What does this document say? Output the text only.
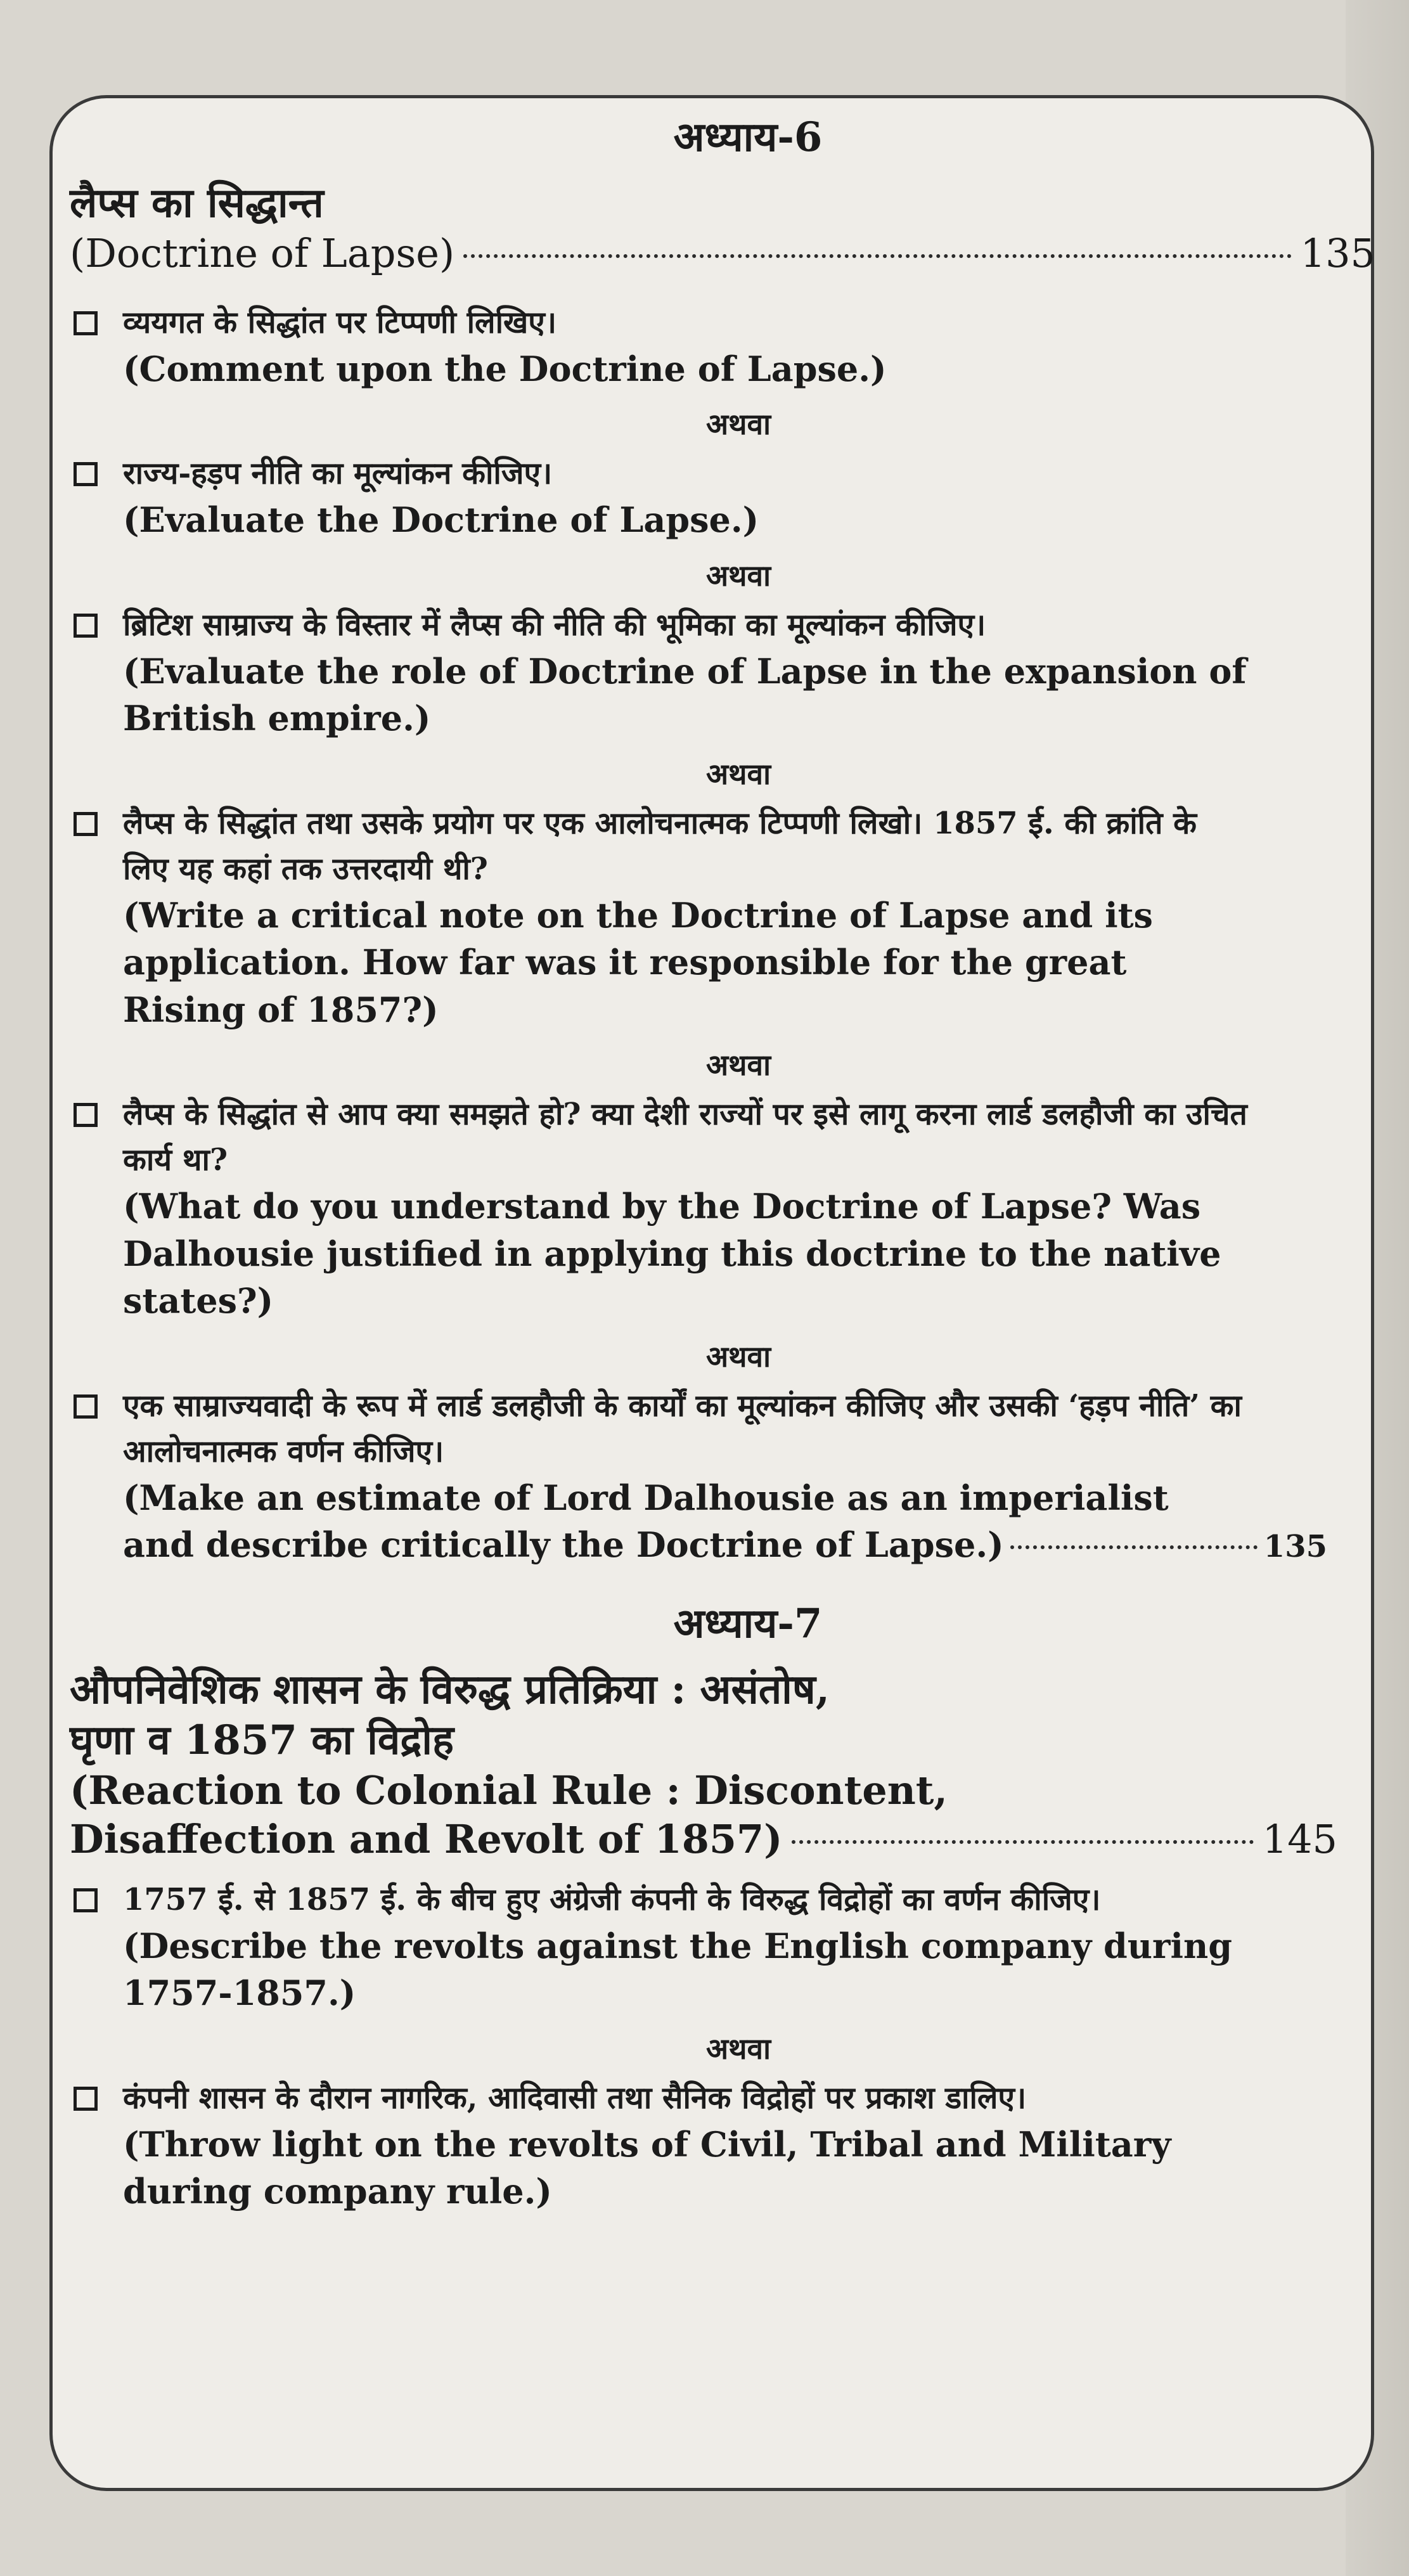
अध्याय-6
लैप्स का सिद्धान्त
(Doctrine of Lapse)	135
व्ययगत के सिद्धांत पर टिप्पणी लिखिए।
(Comment upon the Doctrine of Lapse.)
अथवा
राज्य-हड़प नीति का मूल्यांकन कीजिए।
(Evaluate the Doctrine of Lapse.)
अथवा
ब्रिटिश साम्राज्य के विस्तार में लैप्स की नीति की भूमिका का मूल्यांकन कीजिए।
(Evaluate the role of Doctrine of Lapse in the expansion of British empire.)
अथवा
लैप्स के सिद्धांत तथा उसके प्रयोग पर एक आलोचनात्मक टिप्पणी लिखो। 1857 ई. की क्रांति के लिए यह कहां तक उत्तरदायी थी?
(Write a critical note on the Doctrine of Lapse and its application. How far was it responsible for the great Rising of 1857?)
अथवा
लैप्स के सिद्धांत से आप क्या समझते हो? क्या देशी राज्यों पर इसे लागू करना लार्ड डलहौजी का उचित कार्य था?
(What do you understand by the Doctrine of Lapse? Was Dalhousie justified in applying this doctrine to the native states?)
अथवा
एक साम्राज्यवादी के रूप में लार्ड डलहौजी के कार्यों का मूल्यांकन कीजिए और उसकी ‘हड़प नीति’ का आलोचनात्मक वर्णन कीजिए।
(Make an estimate of Lord Dalhousie as an imperialist
and describe critically the Doctrine of Lapse.)	135
अध्याय-7
औपनिवेशिक शासन के विरुद्ध प्रतिक्रिया : असंतोष,
घृणा व 1857 का विद्रोह
(Reaction to Colonial Rule : Discontent,
Disaffection and Revolt of 1857)	145
1757 ई. से 1857 ई. के बीच हुए अंग्रेजी कंपनी के विरुद्ध विद्रोहों का वर्णन कीजिए।
(Describe the revolts against the English company during 1757-1857.)
अथवा
कंपनी शासन के दौरान नागरिक, आदिवासी तथा सैनिक विद्रोहों पर प्रकाश डालिए।
(Throw light on the revolts of Civil, Tribal and Military during company rule.)
